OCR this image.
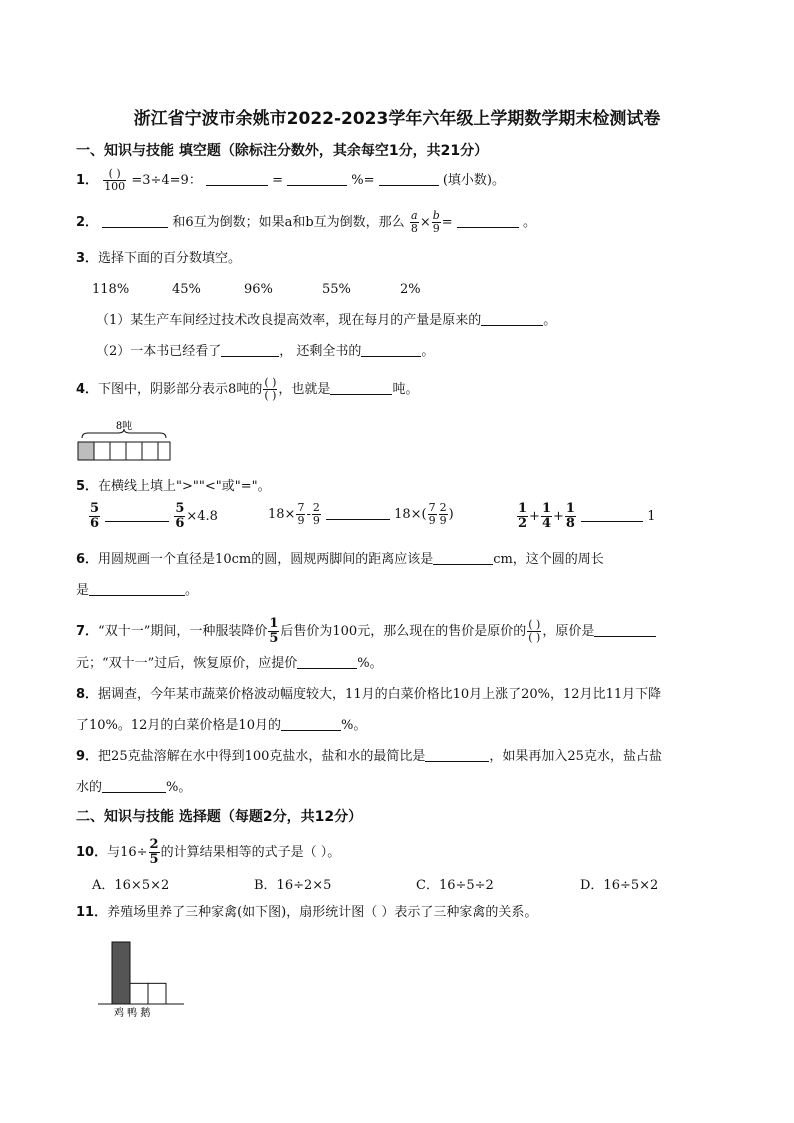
浙江省宁波市余姚市2022-2023学年六年级上学期数学期末检测试卷
一、知识与技能 填空题（除标注分数外，其余每空1分，共21分）
1． $\frac{( )}{100} =3\div 4=9$：	=	%=	(填小数)。
2．	和6互为倒数；如果a和b互为倒数，那么 $\frac{a}{8} \times \frac{b}{9}$ =	。
3．选择下面的百分数填空。
118%	45%	96%	55%	2%
（1）某生产车间经过技术改良提高效率，现在每月的产量是原来的	。
（2）一本书已经看了	， 还剩全书的	。
4．下图中，阴影部分表示8吨的 $\frac{( )}{( )}$ ，也就是	吨。
8吨
5．在横线上填上">""<"或"="。
$\frac{5}{6}$
	$\frac{5}{6} \times 4.8$	$18\times \frac{7}{9} - \frac{2}{9}$	$18\times( \frac{7}{9} \frac{2}{9}$ )	$\frac{1}{2} + \frac{1}{4} + \frac{1}{8}$	1
6．用圆规画一个直径是10cm的圆，圆规两脚间的距离应该是	cm，这个圆的周长
是	。
7．“双十一”期间，一种服装降价 $\frac{1}{5}$ 后售价为100元，那么现在的售价是原价的 $\frac{( )}{( )}$ ，原价是
元；“双十一”过后，恢复原价，应提价	%。
8．据调查，今年某市蔬菜价格波动幅度较大，11月的白菜价格比10月上涨了20%，12月比11月下降
了10%。12月的白菜价格是10月的	%。
9．把25克盐溶解在水中得到100克盐水，盐和水的最简比是	，如果再加入25克水，盐占盐
水的	%。
二、知识与技能 选择题（每题2分，共12分）
10．与$16\div \frac{2}{5}$ 的计算结果相等的式子是（ ）。
A．16×5×2	B．16÷2×5	C．16÷5÷2	D．16÷5×2
11．养殖场里养了三种家禽(如下图)，扇形统计图（ ）表示了三种家禽的关系。
鸡 鸭 鹅
